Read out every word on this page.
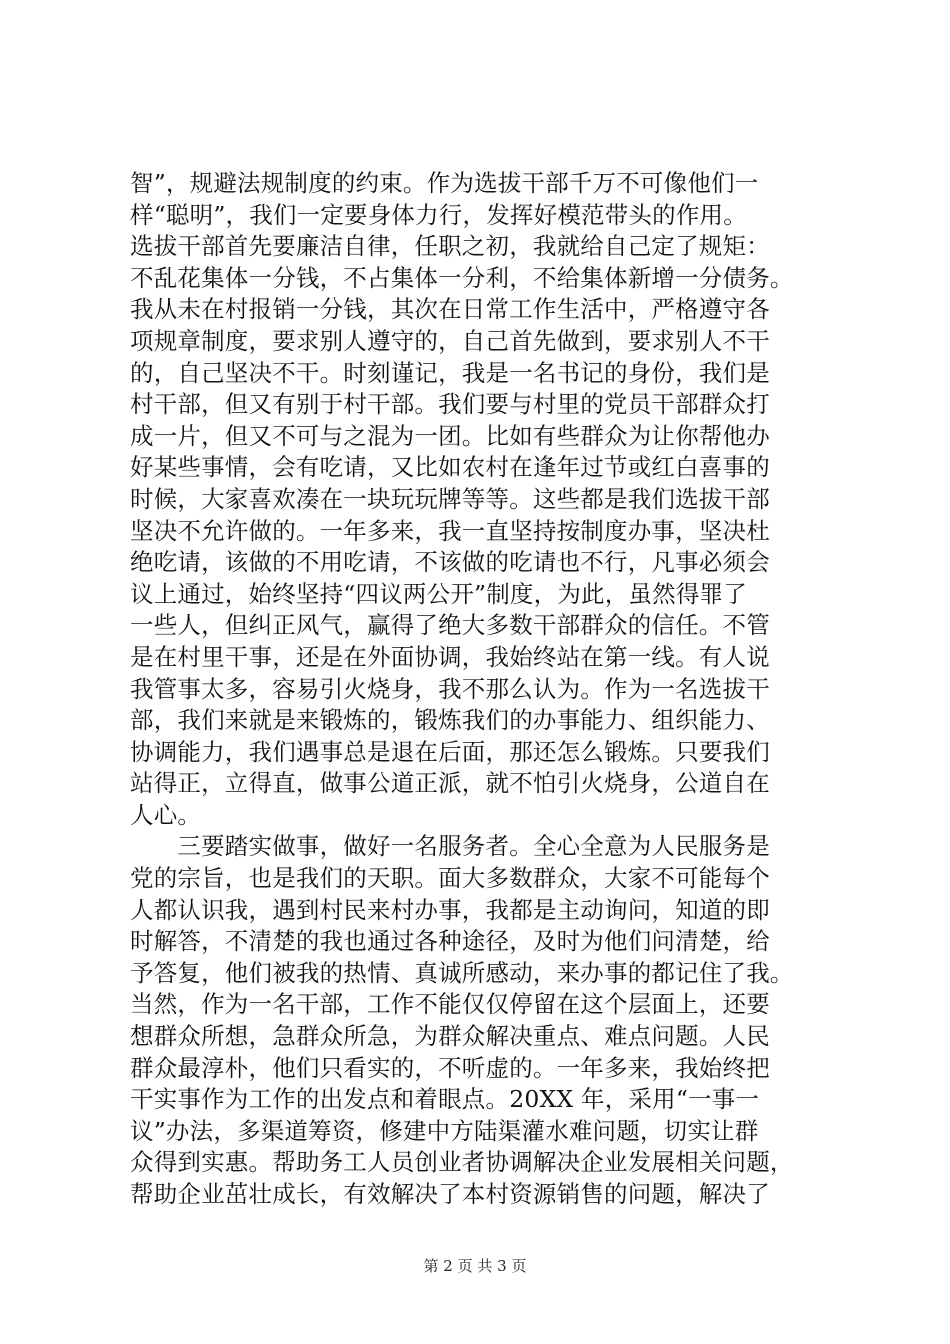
智”，规避法规制度的约束。作为选拔干部千万不可像他们一
样“聪明”，我们一定要身体力行，发挥好模范带头的作用。
选拔干部首先要廉洁自律，任职之初，我就给自己定了规矩：
不乱花集体一分钱，不占集体一分利，不给集体新增一分债务。
我从未在村报销一分钱，其次在日常工作生活中，严格遵守各
项规章制度，要求别人遵守的，自己首先做到，要求别人不干
的，自己坚决不干。时刻谨记，我是一名书记的身份，我们是
村干部，但又有别于村干部。我们要与村里的党员干部群众打
成一片，但又不可与之混为一团。比如有些群众为让你帮他办
好某些事情，会有吃请，又比如农村在逢年过节或红白喜事的
时候，大家喜欢凑在一块玩玩牌等等。这些都是我们选拔干部
坚决不允许做的。一年多来，我一直坚持按制度办事，坚决杜
绝吃请，该做的不用吃请，不该做的吃请也不行，凡事必须会
议上通过，始终坚持“四议两公开”制度，为此，虽然得罪了
一些人，但纠正风气，赢得了绝大多数干部群众的信任。不管
是在村里干事，还是在外面协调，我始终站在第一线。有人说
我管事太多，容易引火烧身，我不那么认为。作为一名选拔干
部，我们来就是来锻炼的，锻炼我们的办事能力、组织能力、
协调能力，我们遇事总是退在后面，那还怎么锻炼。只要我们
站得正，立得直，做事公道正派，就不怕引火烧身，公道自在
人心。
　　三要踏实做事，做好一名服务者。全心全意为人民服务是
党的宗旨，也是我们的天职。面大多数群众，大家不可能每个
人都认识我，遇到村民来村办事，我都是主动询问，知道的即
时解答，不清楚的我也通过各种途径，及时为他们问清楚，给
予答复，他们被我的热情、真诚所感动，来办事的都记住了我。
当然，作为一名干部，工作不能仅仅停留在这个层面上，还要
想群众所想，急群众所急，为群众解决重点、难点问题。人民
群众最淳朴，他们只看实的，不听虚的。一年多来，我始终把
干实事作为工作的出发点和着眼点。20XX 年，采用“一事一
议”办法，多渠道筹资，修建中方陆渠灌水难问题，切实让群
众得到实惠。帮助务工人员创业者协调解决企业发展相关问题，
帮助企业茁壮成长，有效解决了本村资源销售的问题，解决了
第 2 页 共 3 页
